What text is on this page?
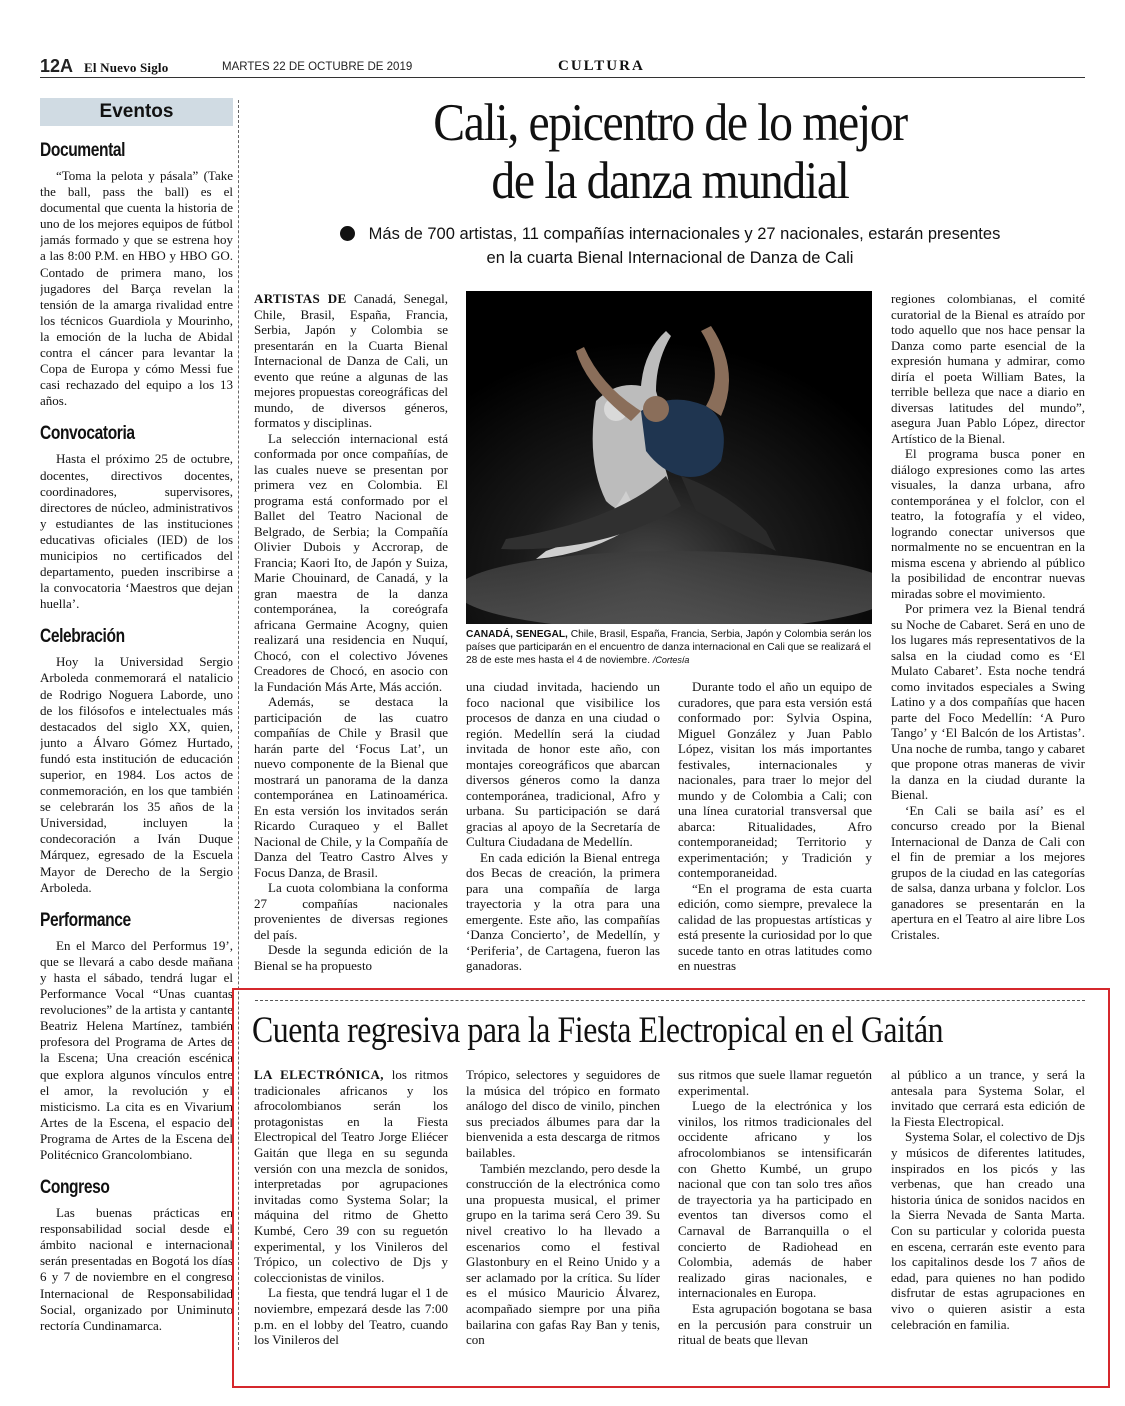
12A El Nuevo Siglo	MARTES 22 DE OCTUBRE DE 2019	CULTURA
Eventos
Documental

“Toma la pelota y pásala” (Take the ball, pass the ball) es el documental que cuenta la historia de uno de los mejores equipos de fútbol jamás formado y que se estrena hoy a las 8:00 P.M. en HBO y HBO GO. Contado de primera mano, los jugadores del Barça revelan la tensión de la amarga rivalidad entre los técnicos Guardiola y Mourinho, la emoción de la lucha de Abidal contra el cáncer para levantar la Copa de Europa y cómo Messi fue casi rechazado del equipo a los 13 años.

Convocatoria

Hasta el próximo 25 de octubre, docentes, directivos docentes, coordinadores, supervisores, directores de núcleo, administrativos y estudiantes de las instituciones educativas oficiales (IED) de los municipios no certificados del departamento, pueden inscribirse a la convocatoria ‘Maestros que dejan huella’.

Celebración

Hoy la Universidad Sergio Arboleda conmemorará el natalicio de Rodrigo Noguera Laborde, uno de los filósofos e intelectuales más destacados del siglo XX, quien, junto a Álvaro Gómez Hurtado, fundó esta institución de educación superior, en 1984. Los actos de conmemoración, en los que también se celebrarán los 35 años de la Universidad, incluyen la condecoración a Iván Duque Márquez, egresado de la Escuela Mayor de Derecho de la Sergio Arboleda.

Performance

En el Marco del Performus 19’, que se llevará a cabo desde mañana y hasta el sábado, tendrá lugar el Performance Vocal “Unas cuantas revoluciones” de la artista y cantante Beatriz Helena Martínez, también profesora del Programa de Artes de la Escena; Una creación escénica que explora algunos vínculos entre el amor, la revolución y el misticismo. La cita es en Vivarium Artes de la Escena, el espacio del Programa de Artes de la Escena del Politécnico Grancolombiano.

Congreso

Las buenas prácticas en responsabilidad social desde el ámbito nacional e internacional serán presentadas en Bogotá los días 6 y 7 de noviembre en el congreso Internacional de Responsabilidad Social, organizado por Uniminuto rectoría Cundinamarca.

Cali, epicentro de lo mejor
de la danza mundial
Más de 700 artistas, 11 compañías internacionales y 27 nacionales, estarán presentes
en la cuarta Bienal Internacional de Danza de Cali

ARTISTAS DE Canadá, Senegal, Chile, Brasil, España, Francia, Serbia, Japón y Colombia se presentarán en la Cuarta Bienal Internacional de Danza de Cali, un evento que reúne a algunas de las mejores propuestas coreográficas del mundo, de diversos géneros, formatos y disciplinas.

La selección internacional está conformada por once compañías, de las cuales nueve se presentan por primera vez en Colombia. El programa está conformado por el Ballet del Teatro Nacional de Belgrado, de Serbia; la Compañía Olivier Dubois y Accrorap, de Francia; Kaori Ito, de Japón y Suiza, Marie Chouinard, de Canadá, y la gran maestra de la danza contemporánea, la coreógrafa africana Germaine Acogny, quien realizará una residencia en Nuquí, Chocó, con el colectivo Jóvenes Creadores de Chocó, en asocio con la Fundación Más Arte, Más acción.

Además, se destaca la participación de las cuatro compañías de Chile y Brasil que harán parte del ‘Focus Lat’, un nuevo componente de la Bienal que mostrará un panorama de la danza contemporánea en Latinoamérica. En esta versión los invitados serán Ricardo Curaqueo y el Ballet Nacional de Chile, y la Compañía de Danza del Teatro Castro Alves y Focus Danza, de Brasil.

La cuota colombiana la conforma 27 compañías nacionales provenientes de diversas regiones del país.

Desde la segunda edición de la Bienal se ha propuesto

CANADÁ, SENEGAL, Chile, Brasil, España, Francia, Serbia, Japón y Colombia serán los países que participarán en el encuentro de danza internacional en Cali que se realizará el 28 de este mes hasta el 4 de noviembre. /Cortesía

una ciudad invitada, haciendo un foco nacional que visibilice los procesos de danza en una ciudad o región. Medellín será la ciudad invitada de honor este año, con montajes coreográficos que abarcan diversos géneros como la danza contemporánea, tradicional, Afro y urbana. Su participación se dará gracias al apoyo de la Secretaría de Cultura Ciudadana de Medellín.

En cada edición la Bienal entrega dos Becas de creación, la primera para una compañía de larga trayectoria y la otra para una emergente. Este año, las compañías ‘Danza Concierto’, de Medellín, y ‘Periferia’, de Cartagena, fueron las ganadoras.

Durante todo el año un equipo de curadores, que para esta versión está conformado por: Sylvia Ospina, Miguel González y Juan Pablo López, visitan los más importantes festivales, internacionales y nacionales, para traer lo mejor del mundo y de Colombia a Cali; con una línea curatorial transversal que abarca: Ritualidades, Afro contemporaneidad; Territorio y experimentación; y Tradición y contemporaneidad.

“En el programa de esta cuarta edición, como siempre, prevalece la calidad de las propuestas artísticas y está presente la curiosidad por lo que sucede tanto en otras latitudes como en nuestras

regiones colombianas, el comité curatorial de la Bienal es atraído por todo aquello que nos hace pensar la Danza como parte esencial de la expresión humana y admirar, como diría el poeta William Bates, la terrible belleza que nace a diario en diversas latitudes del mundo”, asegura Juan Pablo López, director Artístico de la Bienal.

El programa busca poner en diálogo expresiones como las artes visuales, la danza urbana, afro contemporánea y el folclor, con el teatro, la fotografía y el video, logrando conectar universos que normalmente no se encuentran en la misma escena y abriendo al público la posibilidad de encontrar nuevas miradas sobre el movimiento.

Por primera vez la Bienal tendrá su Noche de Cabaret. Será en uno de los lugares más representativos de la salsa en la ciudad como es ‘El Mulato Cabaret’. Esta noche tendrá como invitados especiales a Swing Latino y a dos compañías que hacen parte del Foco Medellín: ‘A Puro Tango’ y ‘El Balcón de los Artistas’. Una noche de rumba, tango y cabaret que propone otras maneras de vivir la danza en la ciudad durante la Bienal.

‘En Cali se baila así’ es el concurso creado por la Bienal Internacional de Danza de Cali con el fin de premiar a los mejores grupos de la ciudad en las categorías de salsa, danza urbana y folclor. Los ganadores se presentarán en la apertura en el Teatro al aire libre Los Cristales.

Cuenta regresiva para la Fiesta Electropical en el Gaitán

LA ELECTRÓNICA, los ritmos tradicionales africanos y los afrocolombianos serán los protagonistas en la Fiesta Electropical del Teatro Jorge Eliécer Gaitán que llega en su segunda versión con una mezcla de sonidos, interpretadas por agrupaciones invitadas como Systema Solar; la máquina del ritmo de Ghetto Kumbé, Cero 39 con su reguetón experimental, y los Vinileros del Trópico, un colectivo de Djs y coleccionistas de vinilos.

La fiesta, que tendrá lugar el 1 de noviembre, empezará desde las 7:00 p.m. en el lobby del Teatro, cuando los Vinileros del

Trópico, selectores y seguidores de la música del trópico en formato análogo del disco de vinilo, pinchen sus preciados álbumes para dar la bienvenida a esta descarga de ritmos bailables.

También mezclando, pero desde la construcción de la electrónica como una propuesta musical, el primer grupo en la tarima será Cero 39. Su nivel creativo lo ha llevado a escenarios como el festival Glastonbury en el Reino Unido y a ser aclamado por la crítica. Su líder es el músico Mauricio Álvarez, acompañado siempre por una piña bailarina con gafas Ray Ban y tenis, con

sus ritmos que suele llamar reguetón experimental.

Luego de la electrónica y los vinilos, los ritmos tradicionales del occidente africano y los afrocolombianos se intensificarán con Ghetto Kumbé, un grupo nacional que con tan solo tres años de trayectoria ya ha participado en eventos tan diversos como el Carnaval de Barranquilla o el concierto de Radiohead en Colombia, además de haber realizado giras nacionales, e internacionales en Europa.

Esta agrupación bogotana se basa en la percusión para construir un ritual de beats que llevan

al público a un trance, y será la antesala para Systema Solar, el invitado que cerrará esta edición de la Fiesta Electropical.

Systema Solar, el colectivo de Djs y músicos de diferentes latitudes, inspirados en los picós y las verbenas, que han creado una historia única de sonidos nacidos en la Sierra Nevada de Santa Marta. Con su particular y colorida puesta en escena, cerrarán este evento para los capitalinos desde los 7 años de edad, para quienes no han podido disfrutar de estas agrupaciones en vivo o quieren asistir a esta celebración en familia.
